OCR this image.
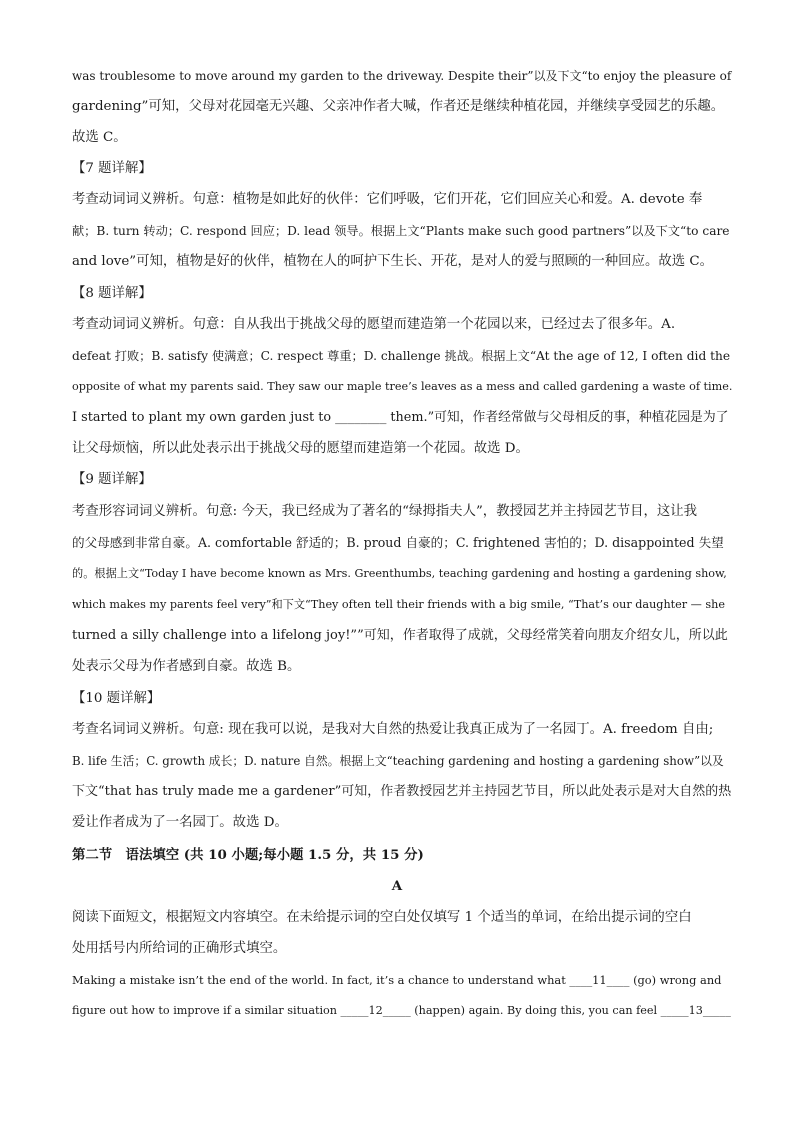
was troublesome to move around my garden to the driveway. Despite their”以及下文“to enjoy the pleasure of
gardening”可知，父母对花园毫无兴趣、父亲冲作者大喊，作者还是继续种植花园，并继续享受园艺的乐趣。
故选 C。
【7 题详解】
考查动词词义辨析。句意：植物是如此好的伙伴：它们呼吸，它们开花，它们回应关心和爱。A. devote 奉
献；B. turn 转动；C. respond 回应；D. lead 领导。根据上文“Plants make such good partners”以及下文“to care
and love”可知，植物是好的伙伴，植物在人的呵护下生长、开花，是对人的爱与照顾的一种回应。故选 C。
【8 题详解】
考查动词词义辨析。句意：自从我出于挑战父母的愿望而建造第一个花园以来，已经过去了很多年。A.
defeat 打败；B. satisfy 使满意；C. respect 尊重；D. challenge 挑战。根据上文“At the age of 12, I often did the
opposite of what my parents said. They saw our maple tree’s leaves as a mess and called gardening a waste of time.
I started to plant my own garden just to ________ them.”可知，作者经常做与父母相反的事，种植花园是为了
让父母烦恼，所以此处表示出于挑战父母的愿望而建造第一个花园。故选 D。
【9 题详解】
考查形容词词义辨析。句意: 今天，我已经成为了著名的“绿拇指夫人”，教授园艺并主持园艺节目，这让我
的父母感到非常自豪。A. comfortable 舒适的；B. proud 自豪的；C. frightened 害怕的；D. disappointed 失望
的。根据上文“Today I have become known as Mrs. Greenthumbs, teaching gardening and hosting a gardening show,
which makes my parents feel very”和下文“They often tell their friends with a big smile, “That’s our daughter — she
turned a silly challenge into a lifelong joy!””可知，作者取得了成就，父母经常笑着向朋友介绍女儿，所以此
处表示父母为作者感到自豪。故选 B。
【10 题详解】
考查名词词义辨析。句意: 现在我可以说，是我对大自然的热爱让我真正成为了一名园丁。A. freedom 自由;
B. life 生活；C. growth 成长；D. nature 自然。根据上文“teaching gardening and hosting a gardening show”以及
下文“that has truly made me a gardener”可知，作者教授园艺并主持园艺节目，所以此处表示是对大自然的热
爱让作者成为了一名园丁。故选 D。
第二节　语法填空 (共 10 小题;每小题 1.5 分，共 15 分)
A
阅读下面短文，根据短文内容填空。在未给提示词的空白处仅填写 1 个适当的单词，在给出提示词的空白
处用括号内所给词的正确形式填空。
Making a mistake isn’t the end of the world. In fact, it’s a chance to understand what ____11____ (go) wrong and
figure out how to improve if a similar situation _____12_____ (happen) again. By doing this, you can feel _____13_____
